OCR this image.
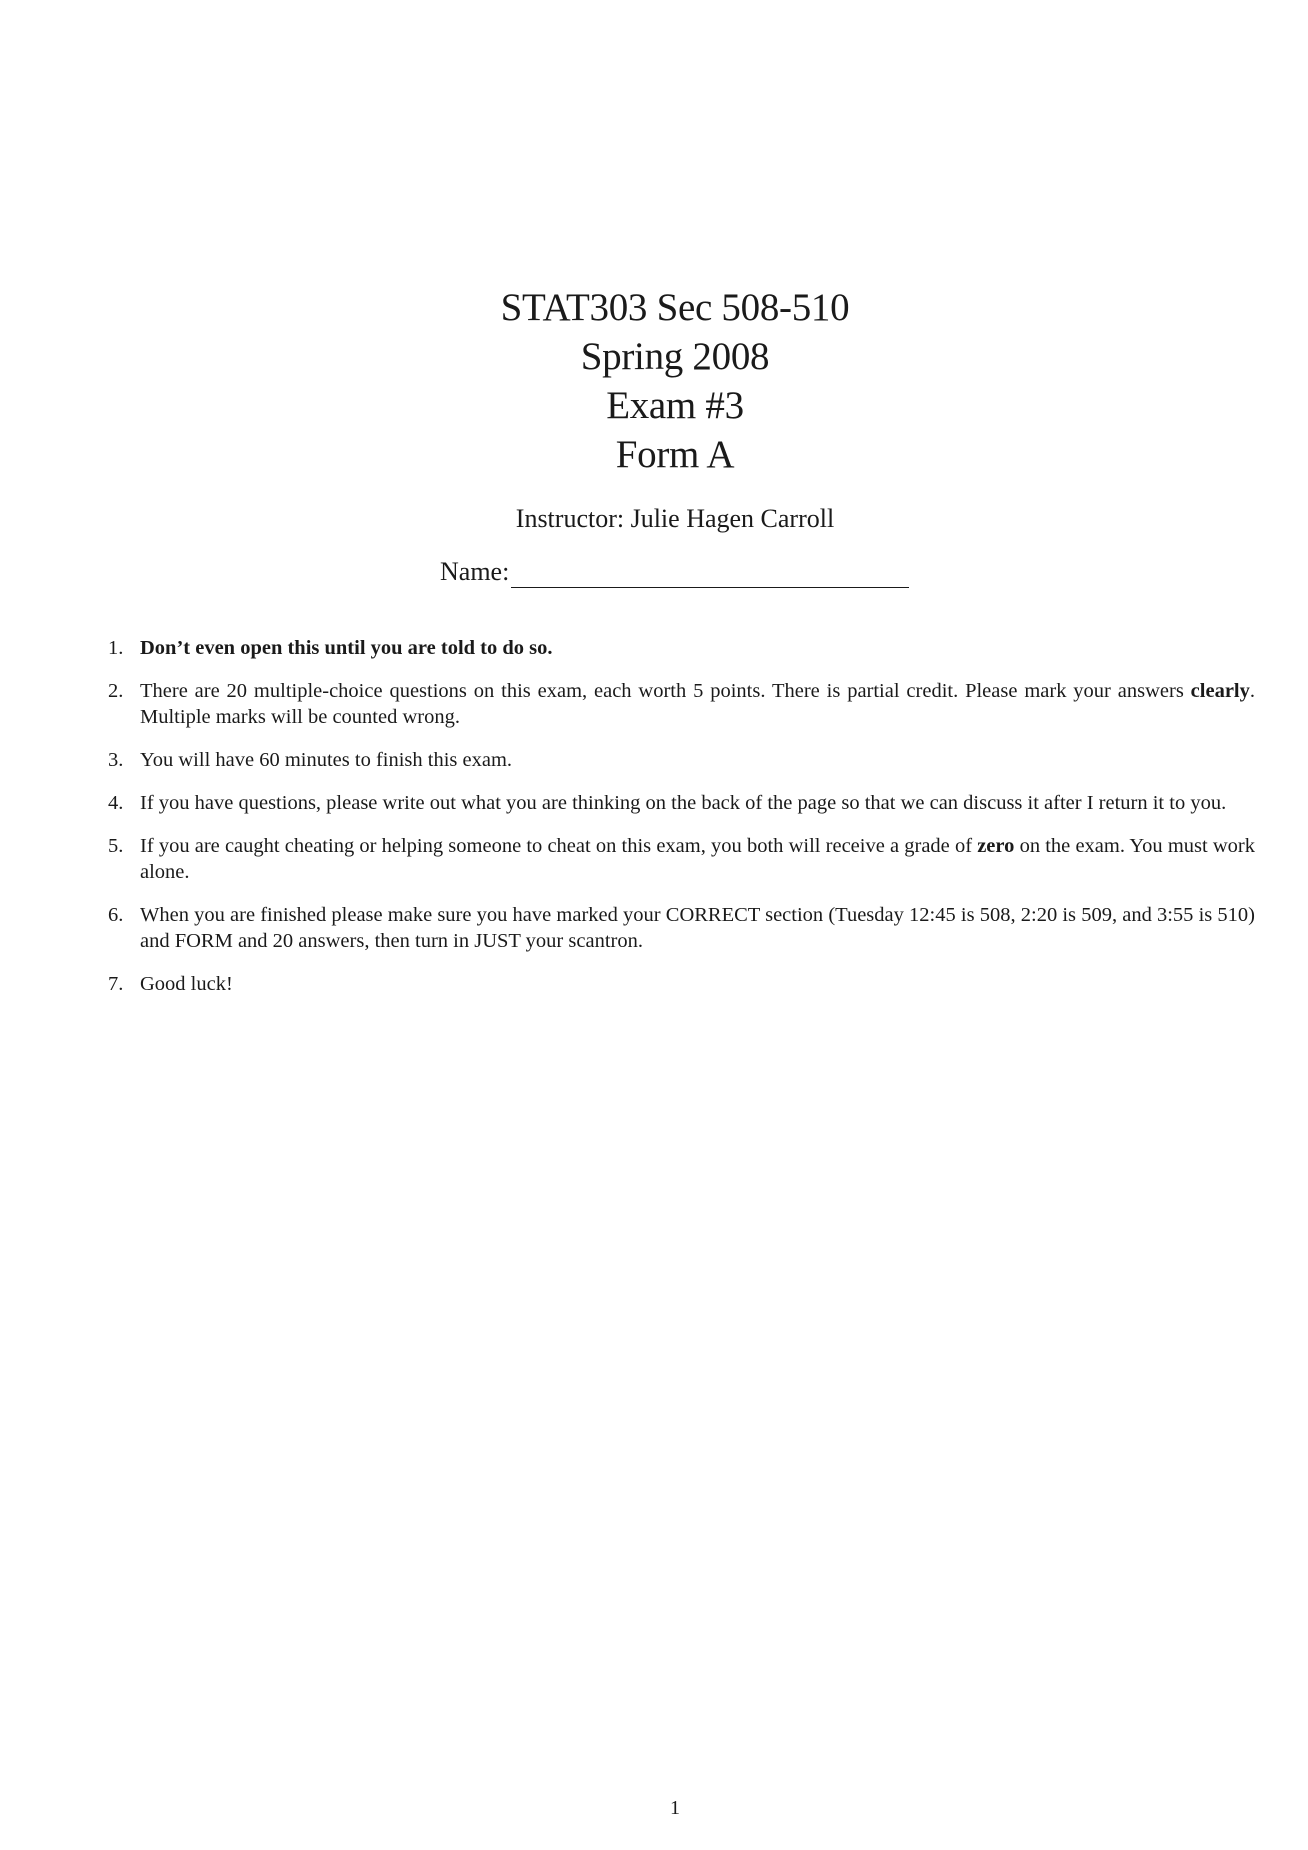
STAT303 Sec 508-510
Spring 2008
Exam #3
Form A
Instructor: Julie Hagen Carroll
Name:
1. Don’t even open this until you are told to do so.
2. There are 20 multiple-choice questions on this exam, each worth 5 points. There is partial credit. Please mark your answers clearly. Multiple marks will be counted wrong.
3. You will have 60 minutes to finish this exam.
4. If you have questions, please write out what you are thinking on the back of the page so that we can discuss it after I return it to you.
5. If you are caught cheating or helping someone to cheat on this exam, you both will receive a grade of zero on the exam. You must work alone.
6. When you are finished please make sure you have marked your CORRECT section (Tuesday 12:45 is 508, 2:20 is 509, and 3:55 is 510) and FORM and 20 answers, then turn in JUST your scantron.
7. Good luck!
1
